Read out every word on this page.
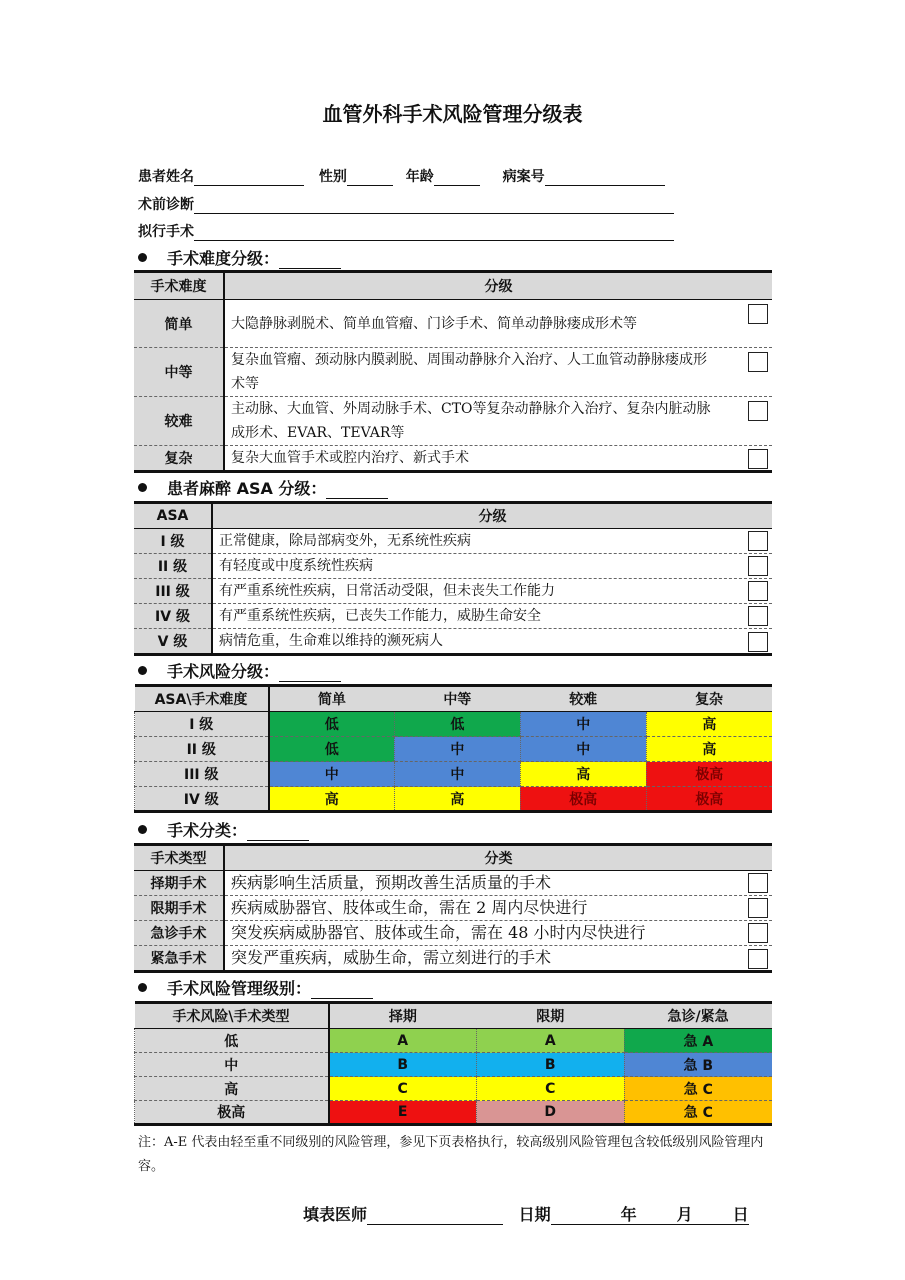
血管外科手术风险管理分级表
患者姓名	性别	年龄	病案号
术前诊断
拟行手术
手术难度分级：
手术难度	分级
简单	大隐静脉剥脱术、简单血管瘤、门诊手术、简单动静脉瘘成形术等

中等	复杂血管瘤、颈动脉内膜剥脱、周围动静脉介入治疗、人工血管动静脉瘘成形术等

较难	主动脉、大血管、外周动脉手术、CTO等复杂动静脉介入治疗、复杂内脏动脉成形术、EVAR、TEVAR等

复杂	复杂大血管手术或腔内治疗、新式手术
患者麻醉 ASA 分级：
ASA	分级
I 级	正常健康，除局部病变外，无系统性疾病

II 级	有轻度或中度系统性疾病

III 级	有严重系统性疾病，日常活动受限，但未丧失工作能力

IV 级	有严重系统性疾病，已丧失工作能力，威胁生命安全

V 级	病情危重，生命难以维持的濒死病人
手术风险分级：
ASA\手术难度	简单	中等	较难	复杂
I 级	低	低	中	高
II 级	低	中	中	高
III 级	中	中	高	极高
IV 级	高	高	极高	极高
手术分类：
手术类型	分类
择期手术	疾病影响生活质量，预期改善生活质量的手术

限期手术	疾病威胁器官、肢体或生命，需在 2 周内尽快进行

急诊手术	突发疾病威胁器官、肢体或生命，需在 48 小时内尽快进行

紧急手术	突发严重疾病，威胁生命，需立刻进行的手术
手术风险管理级别：
手术风险\手术类型	择期	限期	急诊/紧急
低	A	A	急 A
中	B	B	急 B
高	C	C	急 C
极高	E	D	急 C
注：A-E 代表由轻至重不同级别的风险管理，参见下页表格执行，较高级别风险管理包含较低级别风险管理内容。
填表医师	日期	年	月	日
